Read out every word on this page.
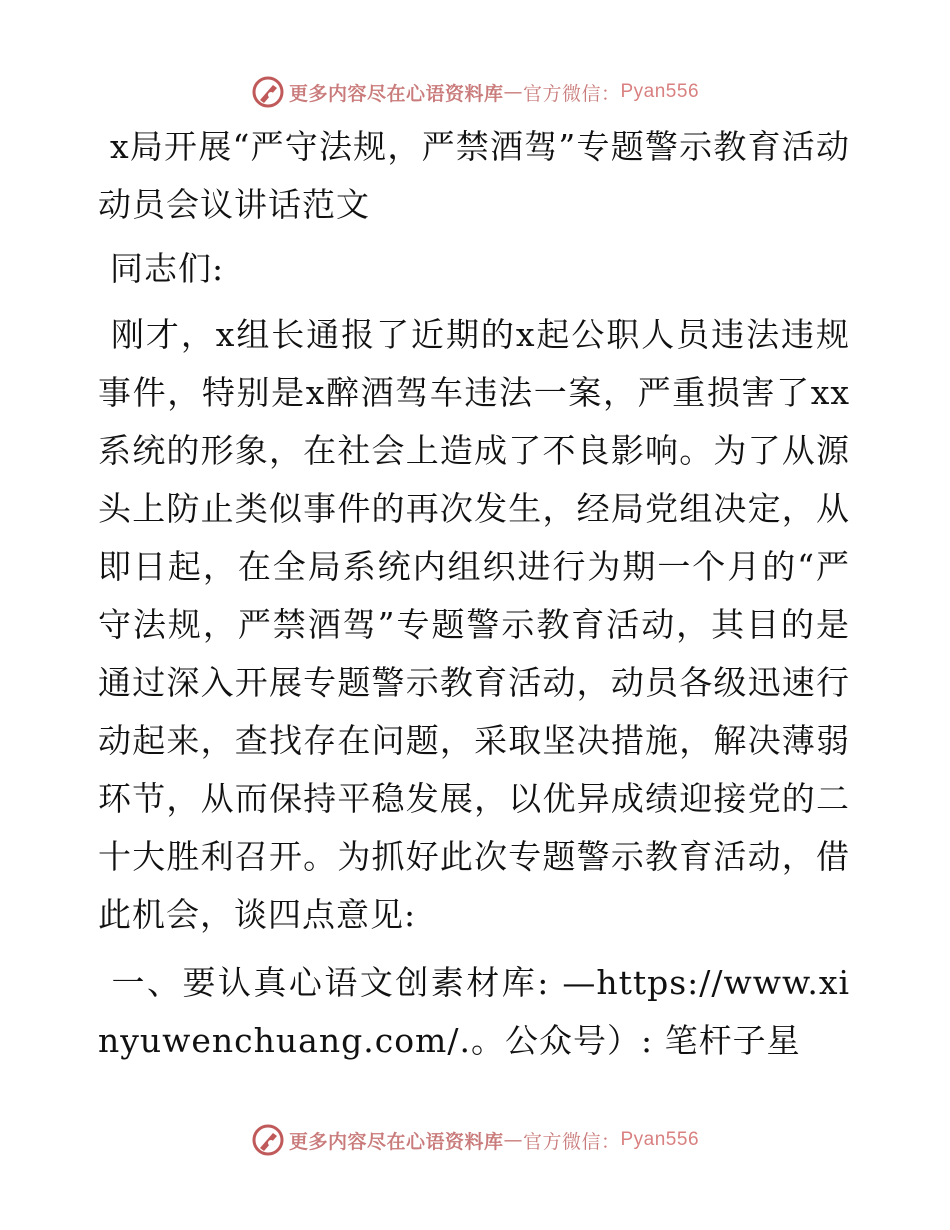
更多内容尽在心语资料库 — 官方微信： Pyan556

x局开展“严守法规，严禁酒驾”专题警示教育活动动员会议讲话范文

同志们:

刚才，x组长通报了近期的x起公职人员违法违规事件，特别是x醉酒驾车违法一案，严重损害了xx系统的形象，在社会上造成了不良影响。为了从源头上防止类似事件的再次发生，经局党组决定，从即日起，在全局系统内组织进行为期一个月的“严守法规，严禁酒驾”专题警示教育活动，其目的是通过深入开展专题警示教育活动，动员各级迅速行动起来，查找存在问题，采取坚决措施，解决薄弱环节，从而保持平稳发展，以优异成绩迎接党的二十大胜利召开。为抓好此次专题警示教育活动，借此机会，谈四点意见:

一、要认真心语文创素材库: —https://www.xinyuwenchuang.com/.。公众号）: 笔杆子星

更多内容尽在心语资料库 — 官方微信： Pyan556
